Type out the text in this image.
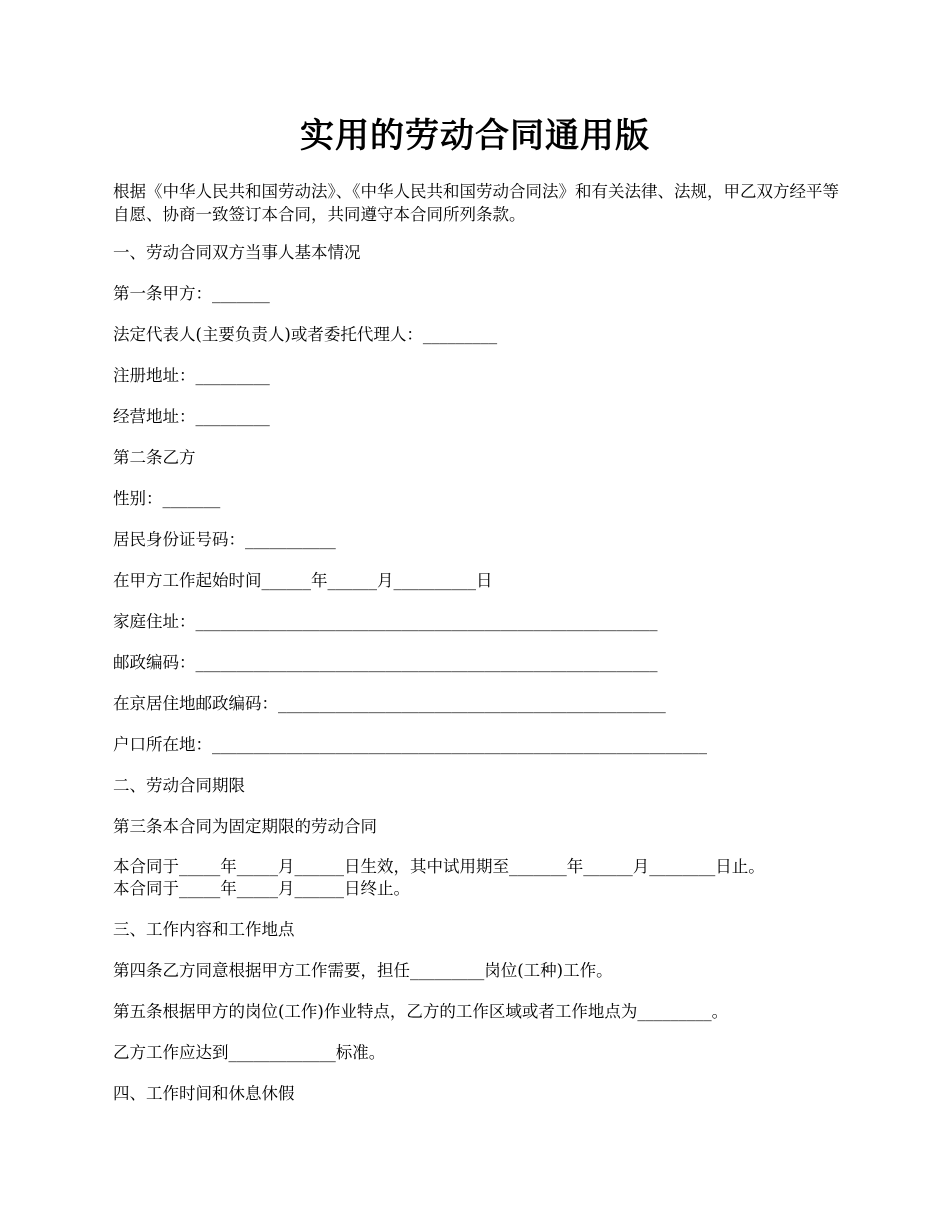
实用的劳动合同通用版
根据《中华人民共和国劳动法》、《中华人民共和国劳动合同法》和有关法律、法规，甲乙双方经平等自愿、协商一致签订本合同，共同遵守本合同所列条款。
一、劳动合同双方当事人基本情况
第一条甲方：_______
法定代表人(主要负责人)或者委托代理人：_________
注册地址：_________
经营地址：_________
第二条乙方
性别：_______
居民身份证号码：___________
在甲方工作起始时间______年______月__________日
家庭住址：________________________________________________________
邮政编码：________________________________________________________
在京居住地邮政编码：_______________________________________________
户口所在地：____________________________________________________________
二、劳动合同期限
第三条本合同为固定期限的劳动合同
本合同于_____年_____月______日生效，其中试用期至_______年______月________日止。
本合同于_____年_____月______日终止。
三、工作内容和工作地点
第四条乙方同意根据甲方工作需要，担任_________岗位(工种)工作。
第五条根据甲方的岗位(工作)作业特点，乙方的工作区域或者工作地点为_________。
乙方工作应达到_____________标准。
四、工作时间和休息休假
